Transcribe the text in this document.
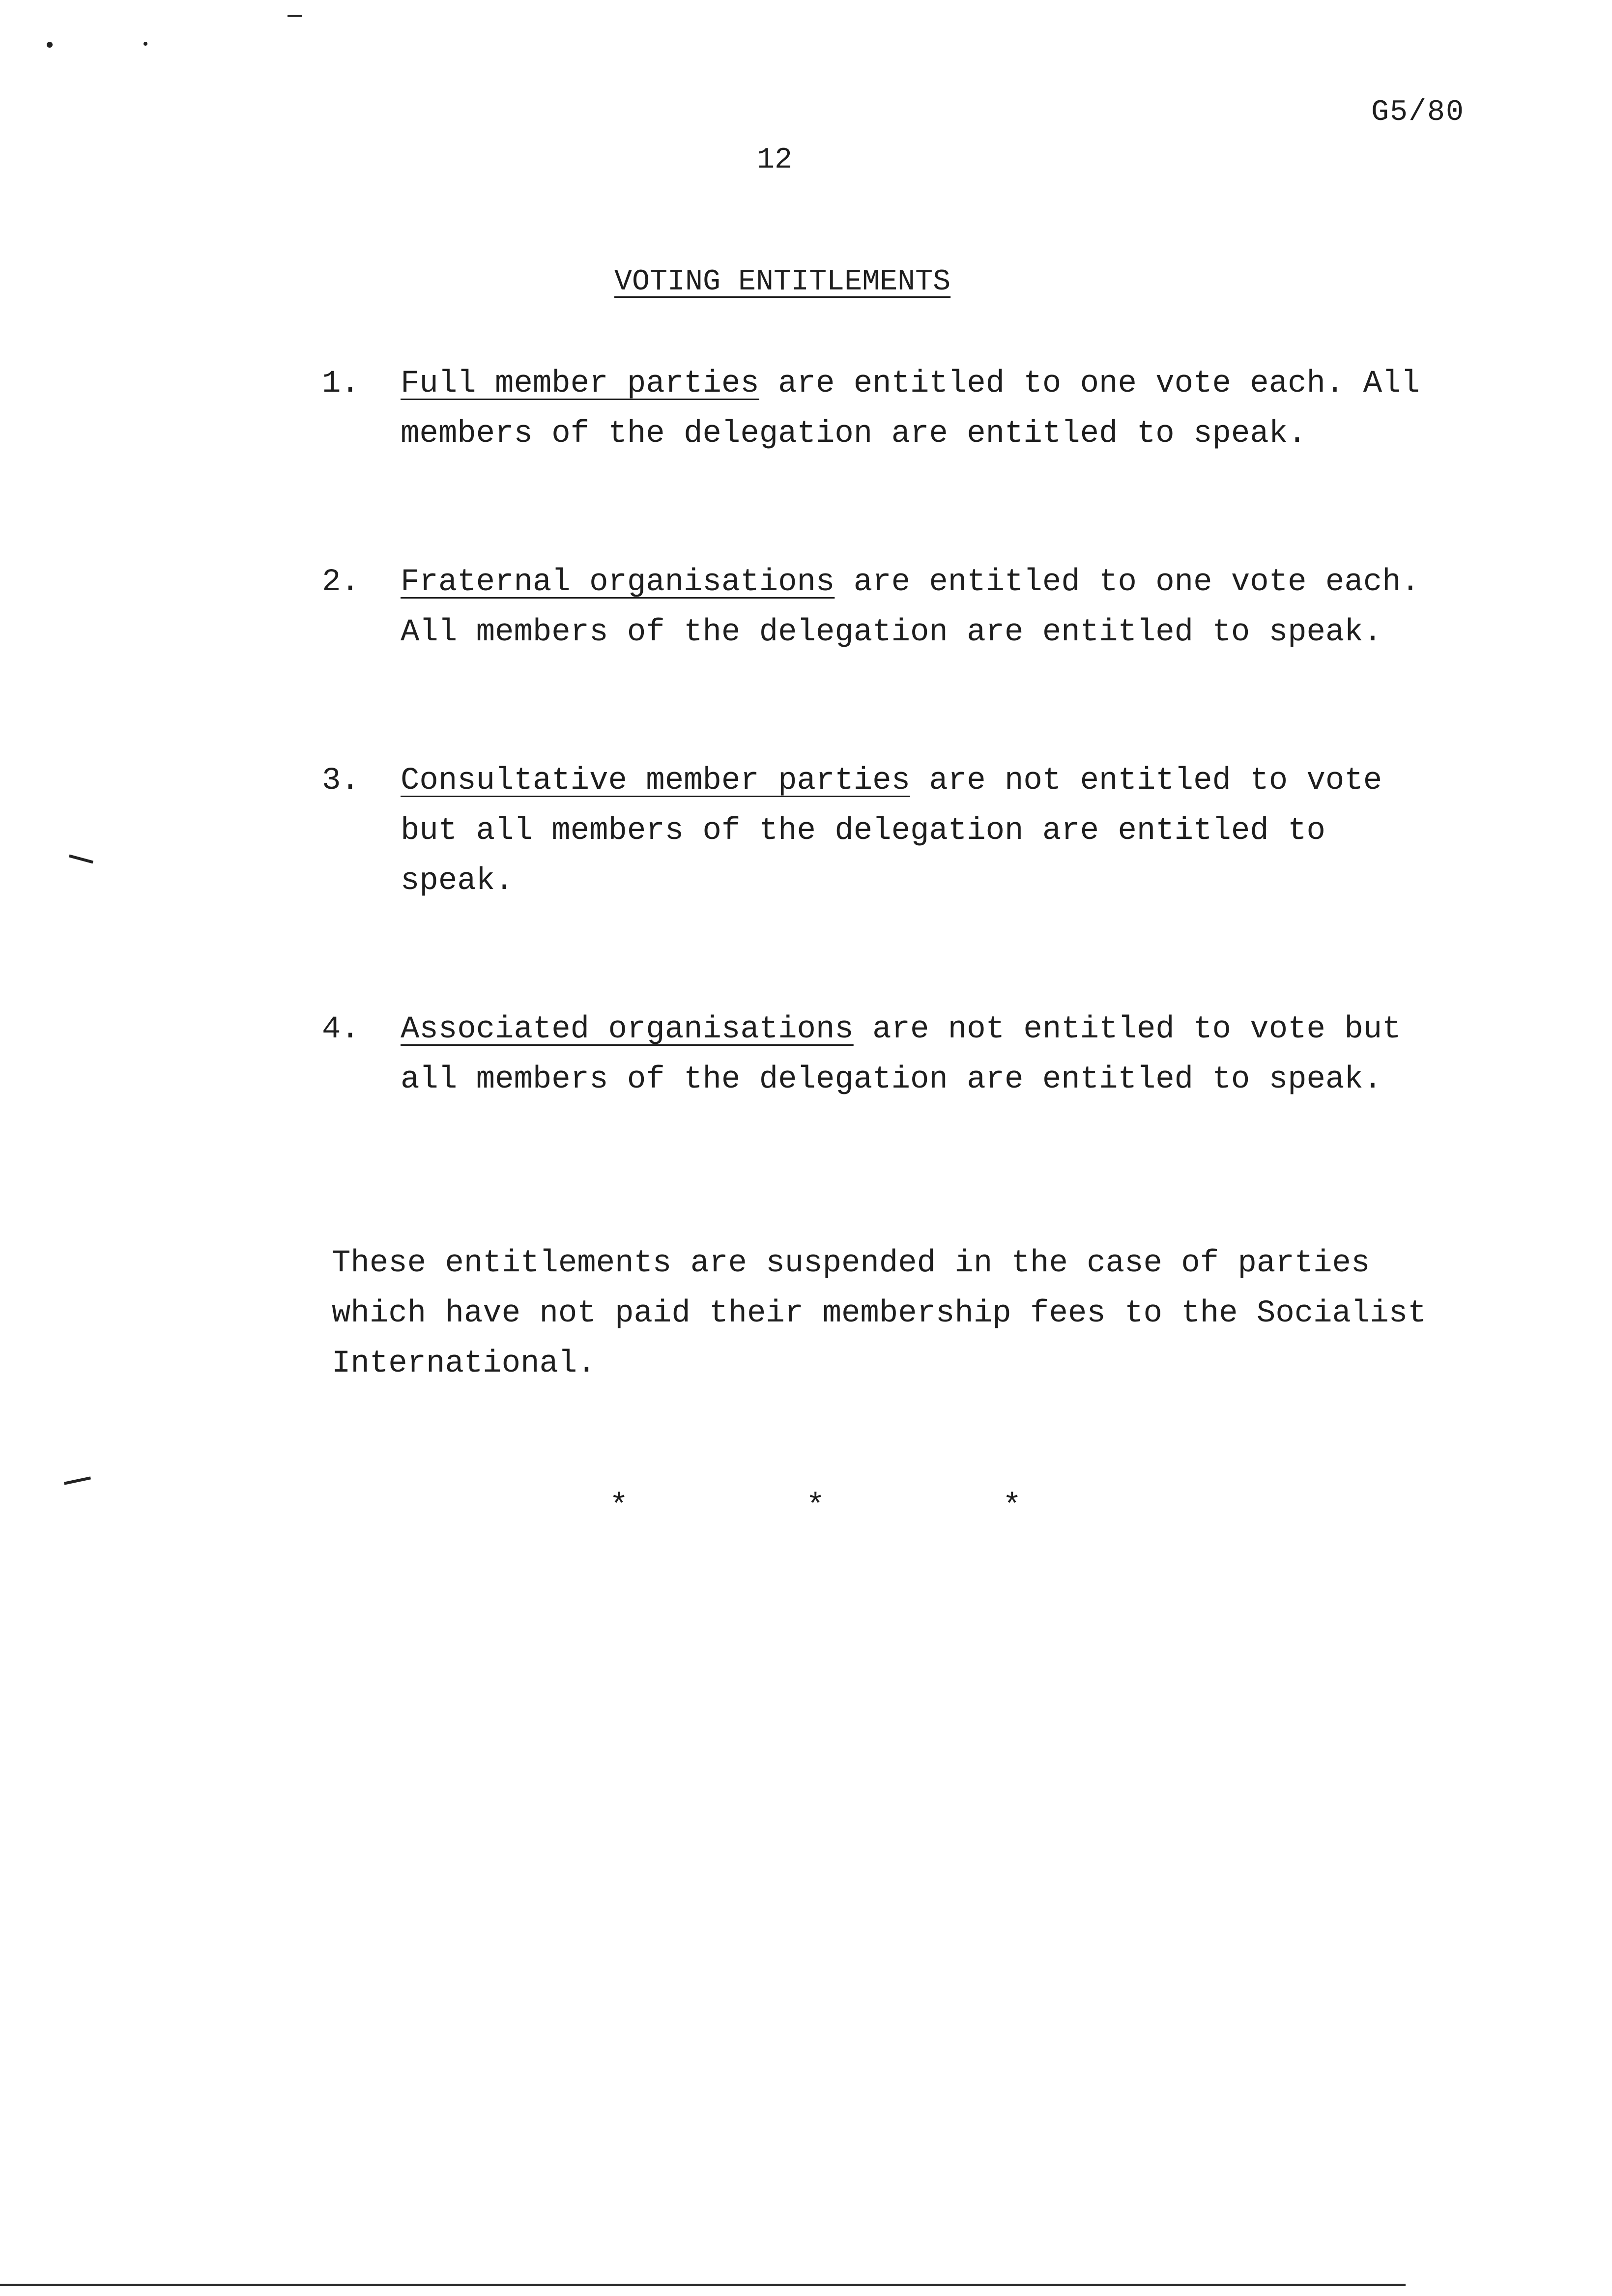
G5/80
12
VOTING ENTITLEMENTS
1. Full member parties are entitled to one vote each. All members of the delegation are entitled to speak.
2. Fraternal organisations are entitled to one vote each. All members of the delegation are entitled to speak.
3. Consultative member parties are not entitled to vote but all members of the delegation are entitled to speak.
4. Associated organisations are not entitled to vote but all members of the delegation are entitled to speak.

These entitlements are suspended in the case of parties which have not paid their membership fees to the Socialist International.

*	*	*
